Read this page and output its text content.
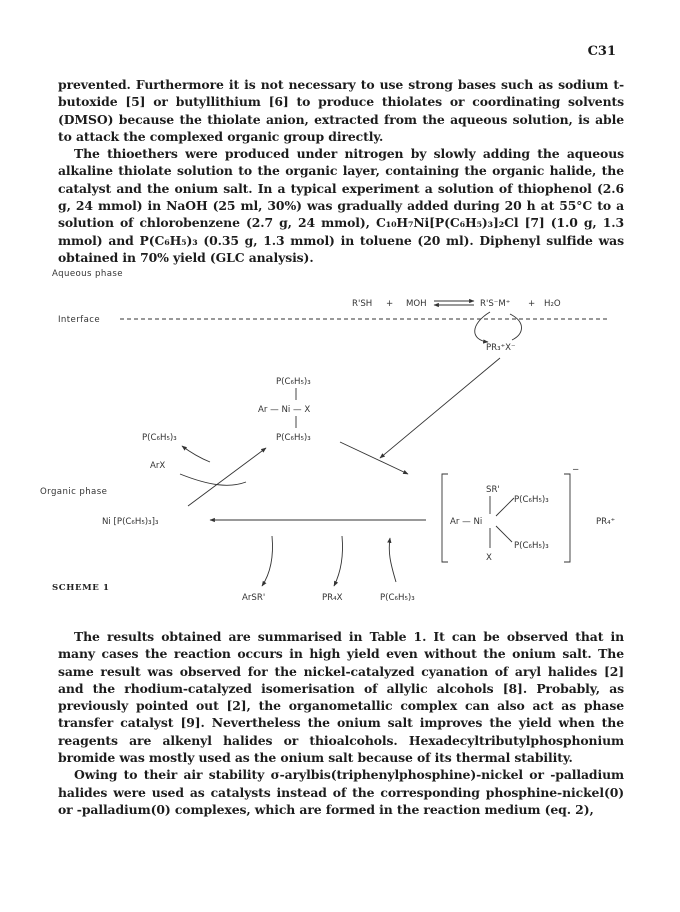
C31

prevented. Furthermore it is not necessary to use strong bases such as sodium t-butoxide [5] or butyllithium [6] to produce thiolates or coordinating solvents (DMSO) because the thiolate anion, extracted from the aqueous solution, is able to attack the complexed organic group directly.

The thioethers were produced under nitrogen by slowly adding the aqueous alkaline thiolate solution to the organic layer, containing the organic halide, the catalyst and the onium salt. In a typical experiment a solution of thiophenol (2.6 g, 24 mmol) in NaOH (25 ml, 30%) was gradually added during 20 h at 55°C to a solution of chlorobenzene (2.7 g, 24 mmol), C₁₀H₇Ni[P(C₆H₅)₃]₂Cl [7] (1.0 g, 1.3 mmol) and P(C₆H₅)₃ (0.35 g, 1.3 mmol) in toluene (20 ml). Diphenyl sulfide was obtained in 70% yield (GLC analysis).

Aqueous phase
Interface
Organic phase
R'SH + MOH	R'S⁻M⁺ + H₂O
PR₃⁺X⁻
P(C₆H₅)₃
Ar — Ni — X
P(C₆H₅)₃
P(C₆H₅)₃
ArX
Ni [P(C₆H₅)₃]₃
−
SR'
P(C₆H₅)₃
Ar — Ni
P(C₆H₅)₃
X
PR₄⁺
SCHEME 1
ArSR'	PR₄X	P(C₆H₅)₃

The results obtained are summarised in Table 1. It can be observed that in many cases the reaction occurs in high yield even without the onium salt. The same result was observed for the nickel-catalyzed cyanation of aryl halides [2] and the rhodium-catalyzed isomerisation of allylic alcohols [8]. Probably, as previously pointed out [2], the organometallic complex can also act as phase transfer catalyst [9]. Nevertheless the onium salt improves the yield when the reagents are alkenyl halides or thioalcohols. Hexadecyltributylphosphonium bromide was mostly used as the onium salt because of its thermal stability.

Owing to their air stability σ-arylbis(triphenylphosphine)-nickel or -palladium halides were used as catalysts instead of the corresponding phosphine-nickel(0) or -palladium(0) complexes, which are formed in the reaction medium (eq. 2),
